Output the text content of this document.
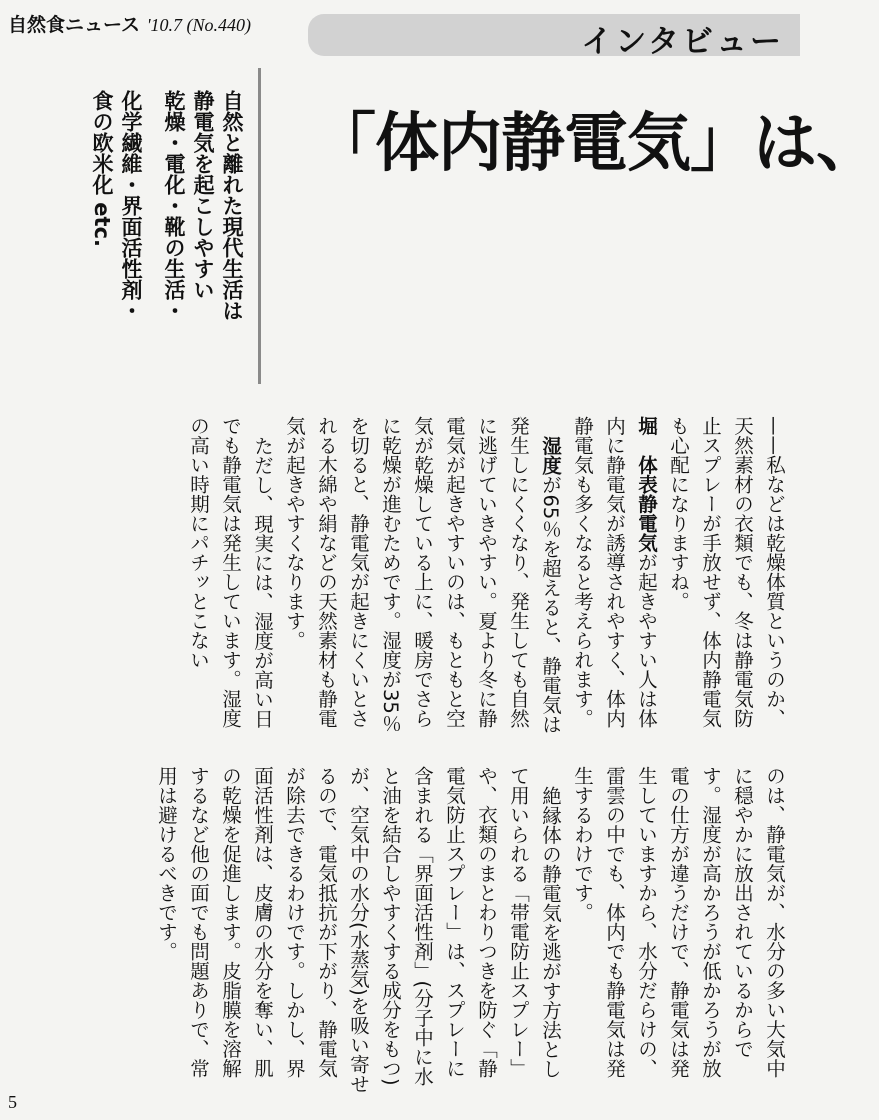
自然食ニュース '10.7 (No.440)	インタビュー

自然と離れた現代生活は

静電気を起こしやすい

乾燥・電化・靴の生活・

化学繊維・界面活性剤・

食の欧米化 etc.	「体内静電気」は、

——私などは乾燥体質というのか、天然素材の衣類でも、冬は静電気防止スプレーが手放せず、体内静電気も心配になりますね。

堀　体表静電気が起きやすい人は体内に静電気が誘導されやすく、体内静電気も多くなると考えられます。

湿度が65％を超えると、静電気は発生しにくくなり、発生しても自然に逃げていきやすい。夏より冬に静電気が起きやすいのは、もともと空気が乾燥している上に、暖房でさらに乾燥が進むためです。湿度が35％を切ると、静電気が起きにくいとされる木綿や絹などの天然素材も静電気が起きやすくなります。

ただし、現実には、湿度が高い日でも静電気は発生しています。湿度の高い時期にパチッとこない

のは、静電気が、水分の多い大気中に穏やかに放出されているからです。湿度が高かろうが低かろうが放電の仕方が違うだけで、静電気は発生していますから、水分だらけの、雷雲の中でも、体内でも静電気は発生するわけです。

絶縁体の静電気を逃がす方法として用いられる「帯電防止スプレー」や、衣類のまとわりつきを防ぐ「静電気防止スプレー」は、スプレーに含まれる「界面活性剤」(分子中に水と油を結合しやすくする成分をもつ)が、空気中の水分(水蒸気)を吸い寄せるので、電気抵抗が下がり、静電気が除去できるわけです。しかし、界面活性剤は、皮膚の水分を奪い、肌の乾燥を促進します。皮脂膜を溶解するなど他の面でも問題ありで、常用は避けるべきです。

5
